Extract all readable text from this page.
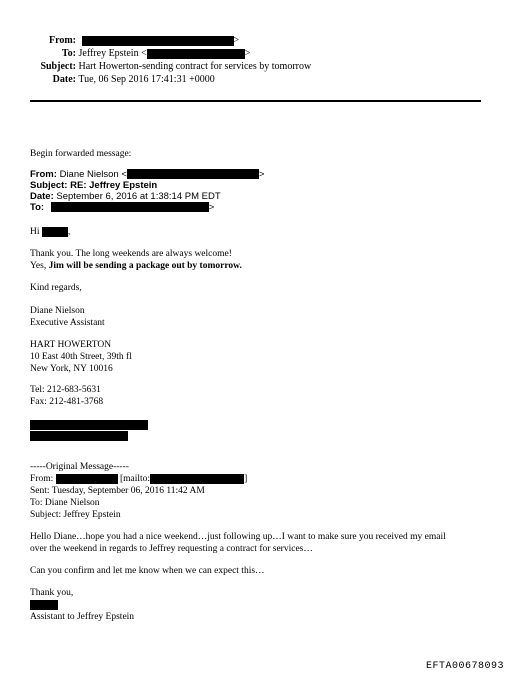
From:	>
To: Jeffrey Epstein <	>
Subject: Hart Howerton-sending contract for services by tomorrow
Date: Tue, 06 Sep 2016 17:41:31 +0000
Begin forwarded message:
From: Diane Nielson <	>
Subject: RE: Jeffrey Epstein
Date: September 6, 2016 at 1:38:14 PM EDT
To:	>
Hi	,
Thank you. The long weekends are always welcome!
Yes, Jim will be sending a package out by tomorrow.
Kind regards,
Diane Nielson
Executive Assistant
HART HOWERTON
10 East 40th Street, 39th fl
New York, NY 10016
Tel: 212-683-5631
Fax: 212-481-3768
-----Original Message-----
From:	[mailto:	]
Sent: Tuesday, September 06, 2016 11:42 AM
To: Diane Nielson
Subject: Jeffrey Epstein
Hello Diane…hope you had a nice weekend…just following up…I want to make sure you received my email
over the weekend in regards to Jeffrey requesting a contract for services…
Can you confirm and let me know when we can expect this…
Thank you,
Assistant to Jeffrey Epstein
EFTA00678093
